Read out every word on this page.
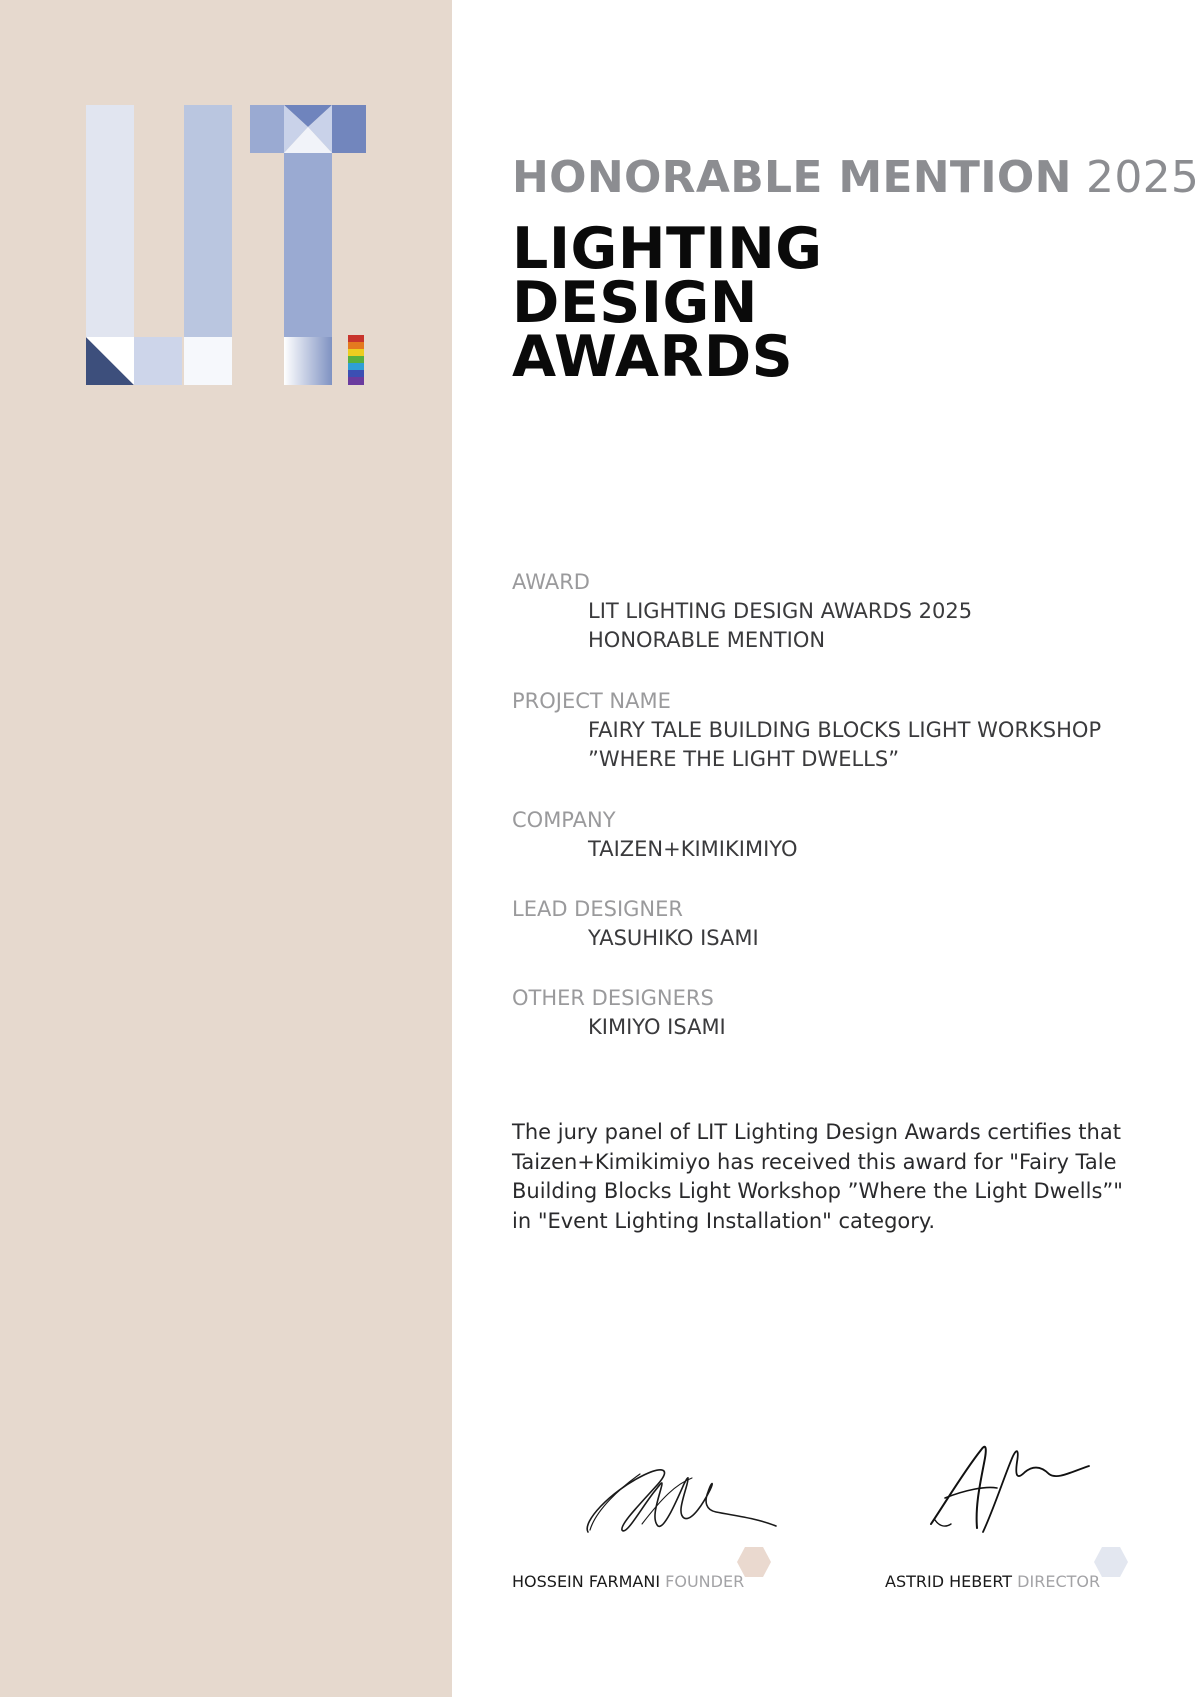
HONORABLE MENTION 2025
LIGHTING
DESIGN
AWARDS
AWARD
LIT LIGHTING DESIGN AWARDS 2025
HONORABLE MENTION
PROJECT NAME
FAIRY TALE BUILDING BLOCKS LIGHT WORKSHOP
”WHERE THE LIGHT DWELLS”
COMPANY
TAIZEN+KIMIKIMIYO
LEAD DESIGNER
YASUHIKO ISAMI
OTHER DESIGNERS
KIMIYO ISAMI
The jury panel of LIT Lighting Design Awards certifies that Taizen+Kimikimiyo has received this award for "Fairy Tale Building Blocks Light Workshop ”Where the Light Dwells”" in "Event Lighting Installation" category.
HOSSEIN FARMANI FOUNDER	ASTRID HEBERT DIRECTOR
